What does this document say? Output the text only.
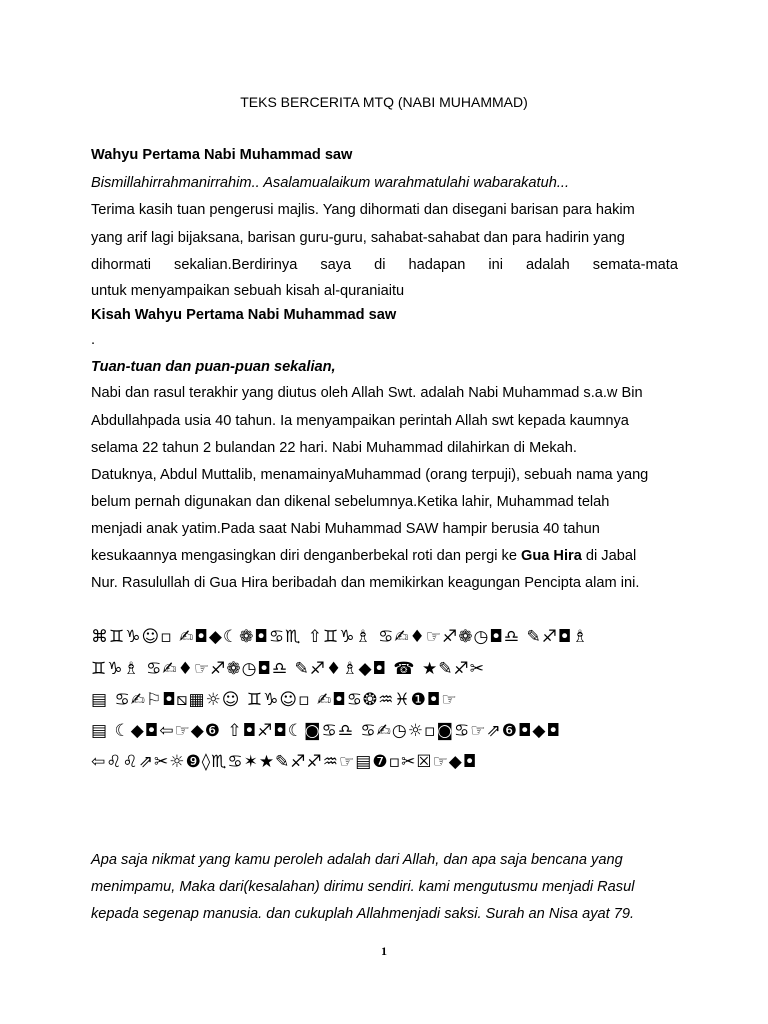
TEKS BERCERITA MTQ (NABI MUHAMMAD)
Wahyu Pertama Nabi Muhammad saw
Bismillahirrahmanirrahim.. Asalamualaikum warahmatulahi wabarakatuh...
Terima kasih tuan pengerusi majlis. Yang dihormati dan disegani barisan para hakim
yang arif lagi bijaksana, barisan guru-guru, sahabat-sahabat dan para hadirin yang
dihormati sekalian.Berdirinya saya di hadapan ini adalah semata-mata
untuk menyampaikan sebuah kisah al-quraniaitu
Kisah Wahyu Pertama Nabi Muhammad saw
.
Tuan-tuan dan puan-puan sekalian,
Nabi dan rasul terakhir yang diutus oleh Allah Swt. adalah Nabi Muhammad s.a.w Bin
Abdullahpada usia 40 tahun. Ia menyampaikan perintah Allah swt kepada kaumnya
selama 22 tahun 2 bulandan 22 hari. Nabi Muhammad dilahirkan di Mekah.
Datuknya, Abdul Muttalib, menamainyaMuhammad (orang terpuji), sebuah nama yang
belum pernah digunakan dan dikenal sebelumnya.Ketika lahir, Muhammad telah
menjadi anak yatim.Pada saat Nabi Muhammad SAW hampir berusia 40 tahun
kesukaannya mengasingkan diri denganberbekal roti dan pergi ke Gua Hira di Jabal
Nur. Rasulullah di Gua Hira beribadah dan memikirkan keagungan Pencipta alam ini.
⌘♊♑☺▫ ✍◘◆☾❁◘♋♏ ⇧♊♑♗ ♋✍♦☞♐❁◷◘♎ ✎♐◘♗
♊♑♗ ♋✍♦☞♐❁◷◘♎ ✎♐♦♗◆◘ ☎ ★✎♐✂
▤ ♋✍⚐◘⧅▦☼☺ ♊♑☺▫ ✍◘♋❂♒♓❶◘☞
▤ ☾◆◘⇦☞◆❻ ⇧◘♐◘☾◙♋♎ ♋✍◷☼▫◙♋☞⇗❻◘◆◘
⇦♌♌⇗✂☼❾◊♏♋✶★✎♐♐♒☞▤❼▫✂☒☞◆◘
Apa saja nikmat yang kamu peroleh adalah dari Allah, dan apa saja bencana yang
menimpamu, Maka dari(kesalahan) dirimu sendiri. kami mengutusmu menjadi Rasul
kepada segenap manusia. dan cukuplah Allahmenjadi saksi. Surah an Nisa ayat 79.
1
